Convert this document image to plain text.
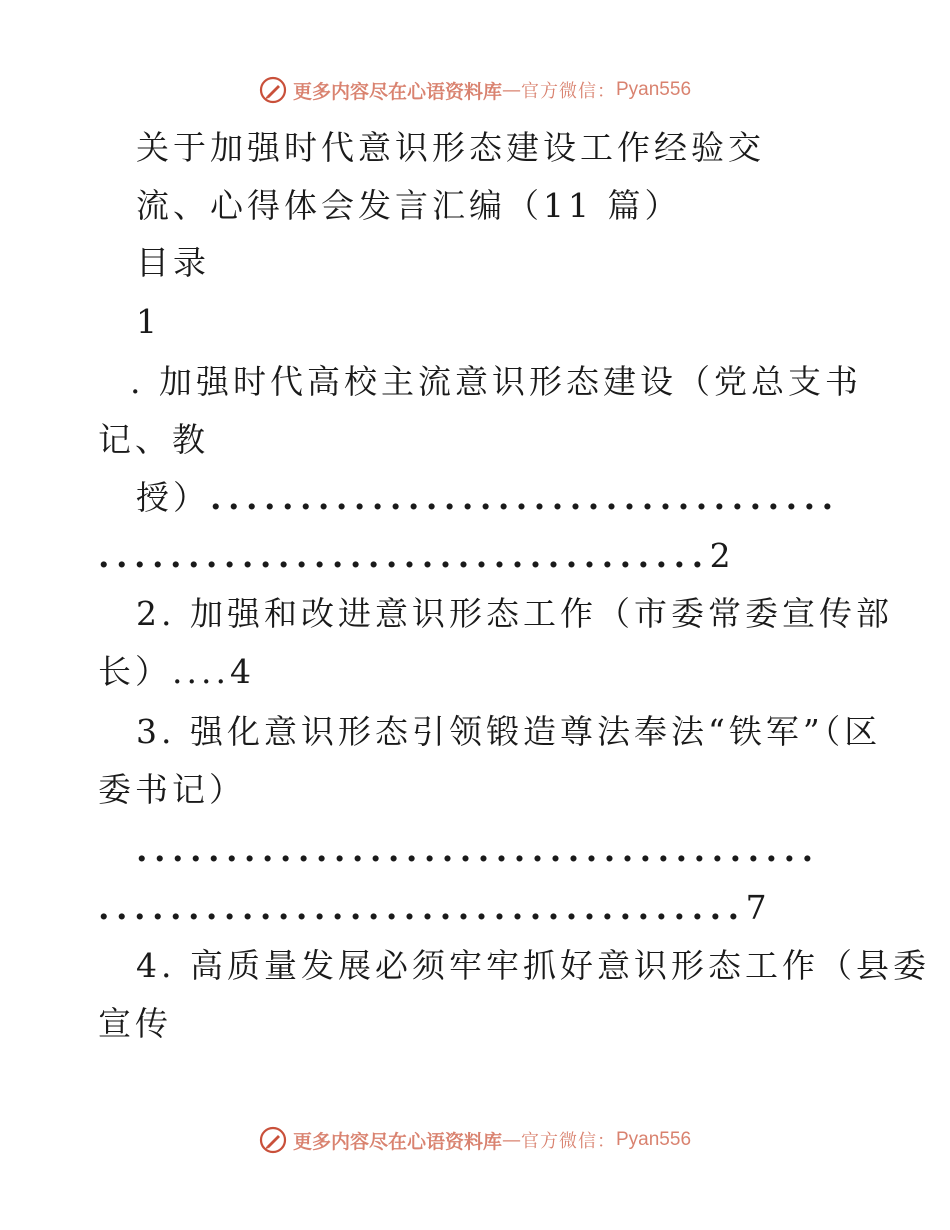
更多内容尽在心语资料库 — 官方微信： Pyan556
关于加强时代意识形态建设工作经验交
流、心得体会发言汇编（11 篇）
目录
1
. 加强时代高校主流意识形态建设（党总支书
记、教
授）...................................
..................................2
2. 加强和改进意识形态工作（市委常委宣传部
长）....4
3. 强化意识形态引领锻造尊法奉法“铁军”（区
委书记）
......................................
....................................7
4. 高质量发展必须牢牢抓好意识形态工作（县委
宣传
更多内容尽在心语资料库 — 官方微信： Pyan556
